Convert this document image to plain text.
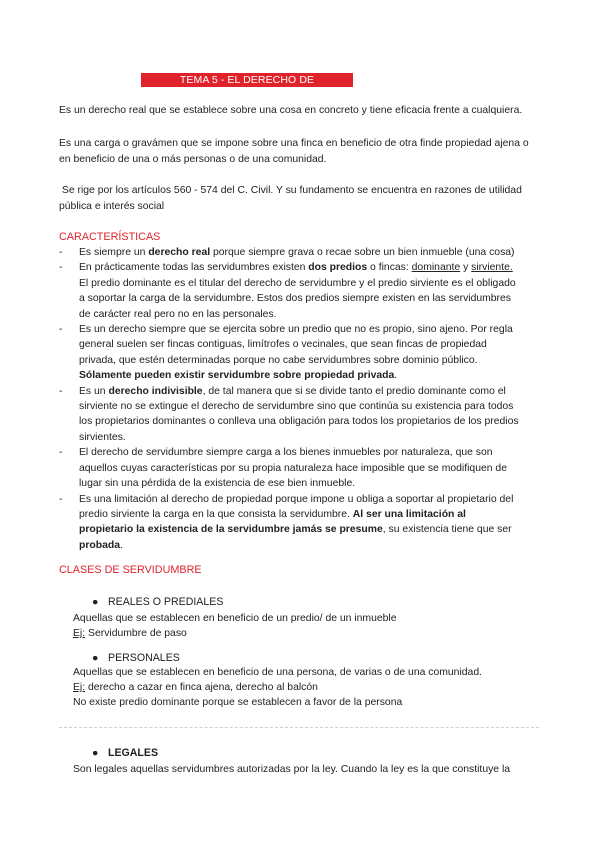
TEMA 5 - EL DERECHO DE SERVIDUMBRE

Es un derecho real que se establece sobre una cosa en concreto y tiene eficacia frente a cualquiera.

Es una carga o gravámen que se impone sobre una finca en beneficio de otra finde propiedad ajena o en beneficio de una o más personas o de una comunidad.

Se rige por los artículos 560 - 574 del C. Civil. Y su fundamento se encuentra en razones de utilidad pública e interés social

CARACTERÍSTICAS

- Es siempre un derecho real porque siempre grava o recae sobre un bien inmueble (una cosa)
- En prácticamente todas las servidumbres existen dos predios o fincas: dominante y sirviente. El predio dominante es el titular del derecho de servidumbre y el predio sirviente es el obligado a soportar la carga de la servidumbre. Estos dos predios siempre existen en las servidumbres de carácter real pero no en las personales.
- Es un derecho siempre que se ejercita sobre un predio que no es propio, sino ajeno. Por regla general suelen ser fincas contiguas, limítrofes o vecinales, que sean fincas de propiedad privada, que estén determinadas porque no cabe servidumbres sobre dominio público. Sólamente pueden existir servidumbre sobre propiedad privada.
- Es un derecho indivisible, de tal manera que si se divide tanto el predio dominante como el sirviente no se extingue el derecho de servidumbre sino que continúa su existencia para todos los propietarios dominantes o conlleva una obligación para todos los propietarios de los predios sirvientes.
- El derecho de servidumbre siempre carga a los bienes inmuebles por naturaleza, que son aquellos cuyas características por su propia naturaleza hace imposible que se modifiquen de lugar sin una pérdida de la existencia de ese bien inmueble.
- Es una limitación al derecho de propiedad porque impone u obliga a soportar al propietario del predio sirviente la carga en la que consista la servidumbre. Al ser una limitación al propietario la existencia de la servidumbre jamás se presume, su existencia tiene que ser probada.

CLASES DE SERVIDUMBRE

● REALES O PREDIALES
Aquellas que se establecen en beneficio de un predio/ de un inmueble
Ej: Servidumbre de paso
● PERSONALES
Aquellas que se establecen en beneficio de una persona, de varias o de una comunidad.
Ej: derecho a cazar en finca ajena, derecho al balcón
No existe predio dominante porque se establecen a favor de la persona
● LEGALES
Son legales aquellas servidumbres autorizadas por la ley. Cuando la ley es la que constituye la
